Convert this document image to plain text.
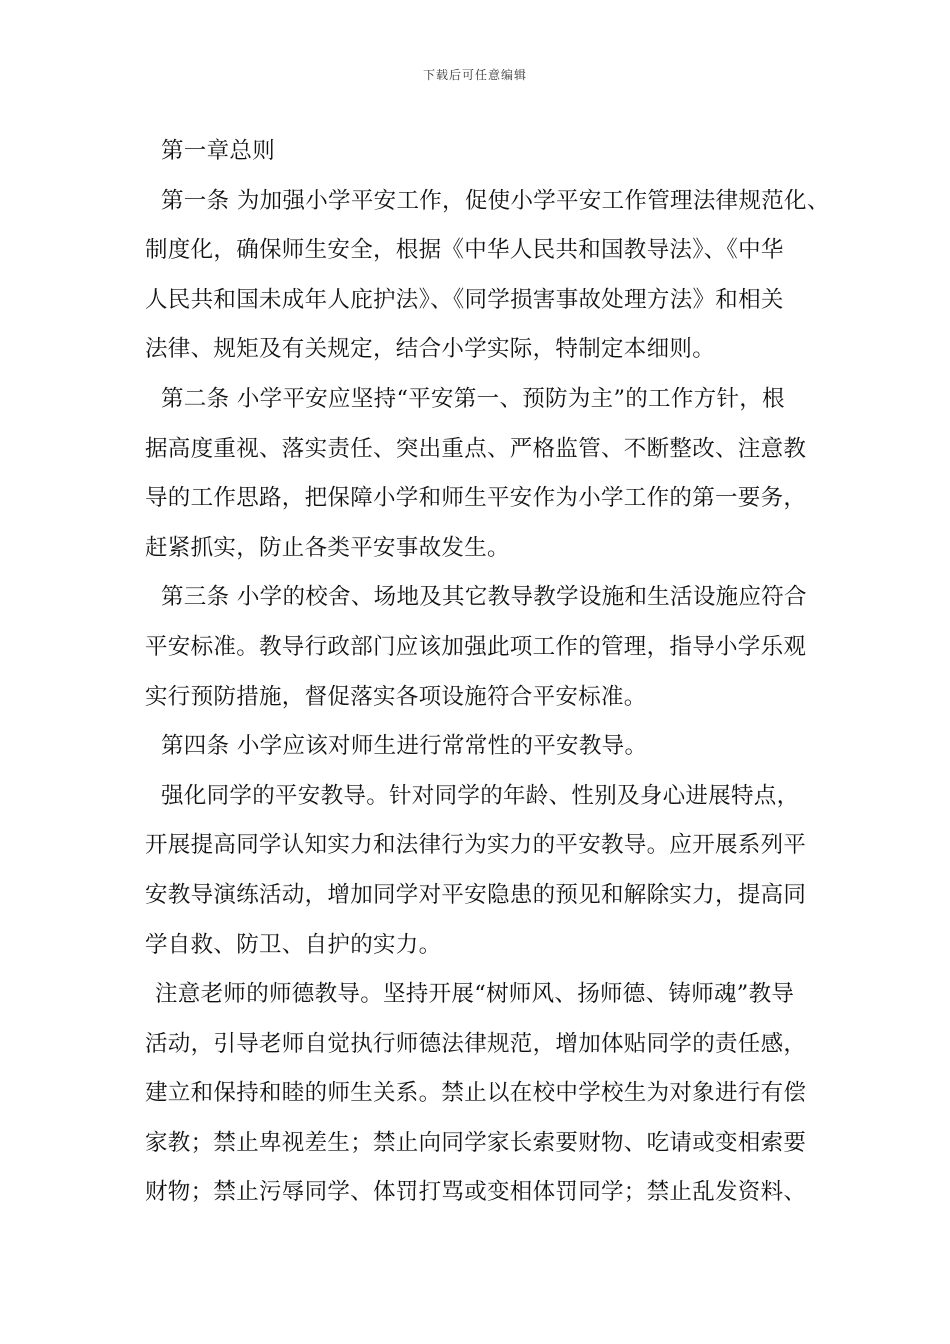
下载后可任意编辑
第一章总则
第一条 为加强小学平安工作，促使小学平安工作管理法律规范化、
制度化，确保师生安全，根据《中华人民共和国教导法》、《中华
人民共和国未成年人庇护法》、《同学损害事故处理方法》和相关
法律、规矩及有关规定，结合小学实际，特制定本细则。
第二条 小学平安应坚持“平安第一、预防为主”的工作方针，根
据高度重视、落实责任、突出重点、严格监管、不断整改、注意教
导的工作思路，把保障小学和师生平安作为小学工作的第一要务，
赶紧抓实，防止各类平安事故发生。
第三条 小学的校舍、场地及其它教导教学设施和生活设施应符合
平安标准。教导行政部门应该加强此项工作的管理，指导小学乐观
实行预防措施，督促落实各项设施符合平安标准。
第四条 小学应该对师生进行常常性的平安教导。
强化同学的平安教导。针对同学的年龄、性别及身心进展特点，
开展提高同学认知实力和法律行为实力的平安教导。应开展系列平
安教导演练活动，增加同学对平安隐患的预见和解除实力，提高同
学自救、防卫、自护的实力。
注意老师的师德教导。坚持开展“树师风、扬师德、铸师魂”教导
活动，引导老师自觉执行师德法律规范，增加体贴同学的责任感，
建立和保持和睦的师生关系。禁止以在校中学校生为对象进行有偿
家教；禁止卑视差生；禁止向同学家长索要财物、吃请或变相索要
财物；禁止污辱同学、体罚打骂或变相体罚同学；禁止乱发资料、
